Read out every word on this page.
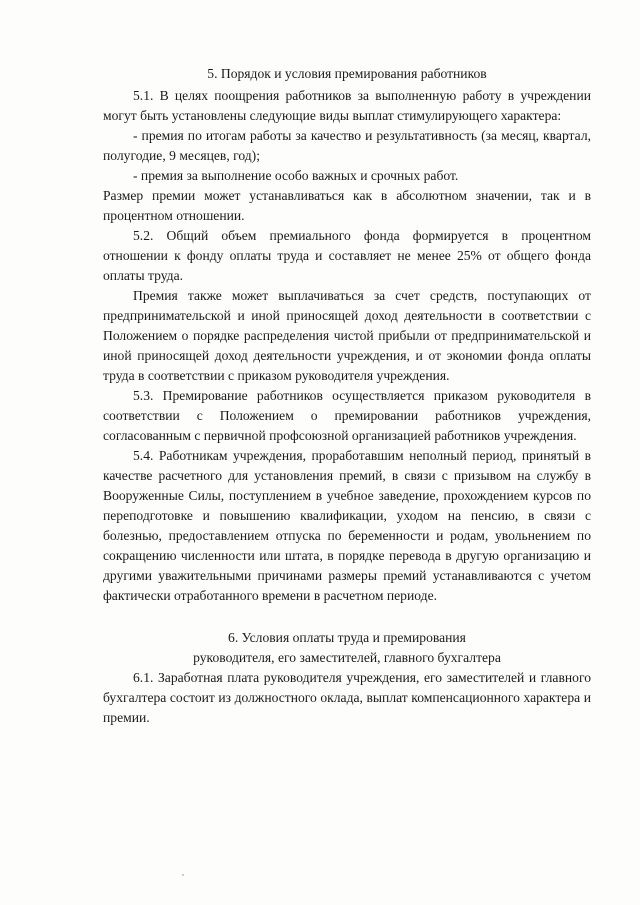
5. Порядок и условия премирования работников

5.1. В целях поощрения работников за выполненную работу в учреждении могут быть установлены следующие виды выплат стимулирующего характера:

- премия по итогам работы за качество и результативность (за месяц, квартал, полугодие, 9 месяцев, год);

- премия за выполнение особо важных и срочных работ.

Размер премии может устанавливаться как в абсолютном значении, так и в процентном отношении.

5.2. Общий объем премиального фонда формируется в процентном отношении к фонду оплаты труда и составляет не менее 25% от общего фонда оплаты труда.

Премия также может выплачиваться за счет средств, поступающих от предпринимательской и иной приносящей доход деятельности в соответствии с Положением о порядке распределения чистой прибыли от предпринимательской и иной приносящей доход деятельности учреждения, и от экономии фонда оплаты труда в соответствии с приказом руководителя учреждения.

5.3. Премирование работников осуществляется приказом руководителя в соответствии с Положением о премировании работников учреждения, согласованным с первичной профсоюзной организацией работников учреждения.

5.4. Работникам учреждения, проработавшим неполный период, принятый в качестве расчетного для установления премий, в связи с призывом на службу в Вооруженные Силы, поступлением в учебное заведение, прохождением курсов по переподготовке и повышению квалификации, уходом на пенсию, в связи с болезнью, предоставлением отпуска по беременности и родам, увольнением по сокращению численности или штата, в порядке перевода в другую организацию и другими уважительными причинами размеры премий устанавливаются с учетом фактически отработанного времени в расчетном периоде.

6. Условия оплаты труда и премирования

руководителя, его заместителей, главного бухгалтера

6.1. Заработная плата руководителя учреждения, его заместителей и главного бухгалтера состоит из должностного оклада, выплат компенсационного характера и премии.
